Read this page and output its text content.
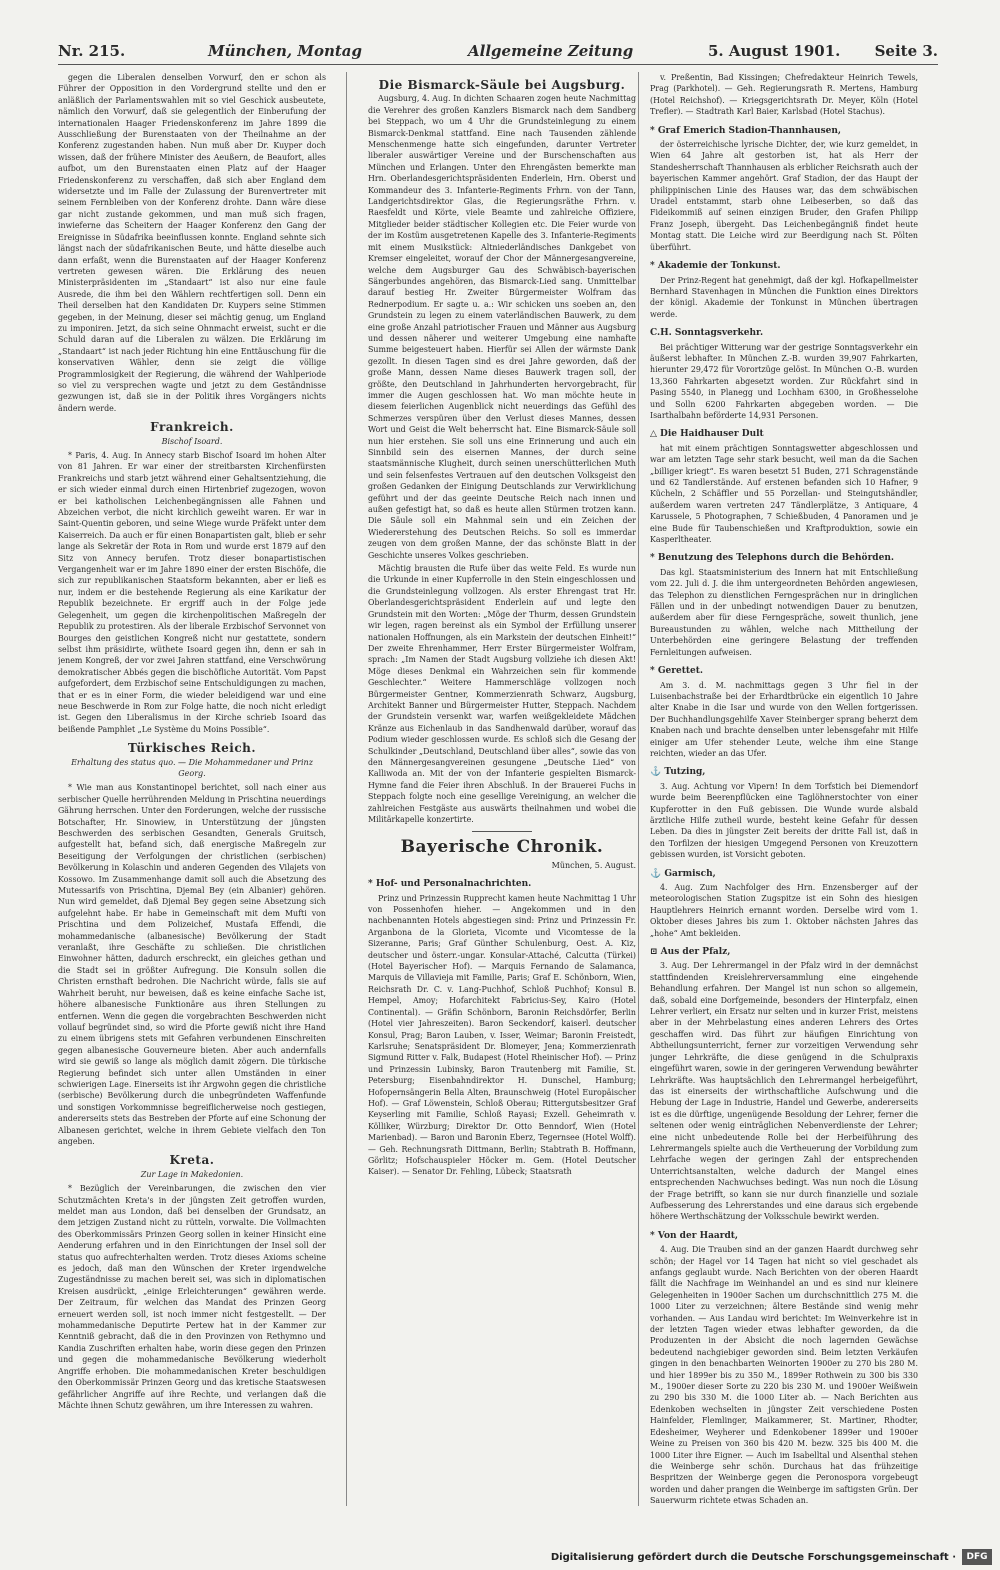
Nr. 215.	München, Montag	Allgemeine Zeitung	5. August 1901. Seite 3.

gegen die Liberalen denselben Vorwurf, den er schon als Führer der Opposition in den Vordergrund stellte und den er anläßlich der Parlamentswahlen mit so viel Geschick ausbeutete, nämlich den Vorwurf, daß sie gelegentlich der Einberufung der internationalen Haager Friedenskonferenz im Jahre 1899 die Ausschließung der Burenstaaten von der Theilnahme an der Konferenz zugestanden haben. Nun muß aber Dr. Kuyper doch wissen, daß der frühere Minister des Aeußern, de Beaufort, alles aufbot, um den Burenstaaten einen Platz auf der Haager Friedenskonferenz zu verschaffen, daß sich aber England dem widersetzte und im Falle der Zulassung der Burenvertreter mit seinem Fernbleiben von der Konferenz drohte. Dann wäre diese gar nicht zustande gekommen, und man muß sich fragen, inwieferne das Scheitern der Haager Konferenz den Gang der Ereignisse in Südafrika beeinflussen konnte. England sehnte sich längst nach der südafrikanischen Beute, und hätte dieselbe auch dann erfaßt, wenn die Burenstaaten auf der Haager Konferenz vertreten gewesen wären. Die Erklärung des neuen Ministerpräsidenten im „Standaart“ ist also nur eine faule Ausrede, die ihm bei den Wählern rechtfertigen soll. Denn ein Theil derselben hat den Kandidaten Dr. Kuypers seine Stimmen gegeben, in der Meinung, dieser sei mächtig genug, um England zu imponiren. Jetzt, da sich seine Ohnmacht erweist, sucht er die Schuld daran auf die Liberalen zu wälzen. Die Erklärung im „Standaart“ ist nach jeder Richtung hin eine Enttäuschung für die konservativen Wähler, denn sie zeigt die völlige Programmlosigkeit der Regierung, die während der Wahlperiode so viel zu versprechen wagte und jetzt zu dem Geständnisse gezwungen ist, daß sie in der Politik ihres Vorgängers nichts ändern werde.

Frankreich.
Bischof Isoard.

* Paris, 4. Aug. In Annecy starb Bischof Isoard im hohen Alter von 81 Jahren. Er war einer der streitbarsten Kirchenfürsten Frankreichs und starb jetzt während einer Gehaltsentziehung, die er sich wieder einmal durch einen Hirtenbrief zugezogen, wovon er bei katholischen Leichenbegängnissen alle Fahnen und Abzeichen verbot, die nicht kirchlich geweiht waren. Er war in Saint-Quentin geboren, und seine Wiege wurde Präfekt unter dem Kaiserreich. Da auch er für einen Bonapartisten galt, blieb er sehr lange als Sekretär der Rota in Rom und wurde erst 1879 auf den Sitz von Annecy berufen. Trotz dieser bonapartistischen Vergangenheit war er im Jahre 1890 einer der ersten Bischöfe, die sich zur republikanischen Staatsform bekannten, aber er ließ es nur, indem er die bestehende Regierung als eine Karikatur der Republik bezeichnete. Er ergriff auch in der Folge jede Gelegenheit, um gegen die kirchenpolitischen Maßregeln der Republik zu protestiren. Als der liberale Erzbischof Servonnet von Bourges den geistlichen Kongreß nicht nur gestattete, sondern selbst ihm präsidirte, wüthete Isoard gegen ihn, denn er sah in jenem Kongreß, der vor zwei Jahren stattfand, eine Verschwörung demokratischer Abbés gegen die bischöfliche Autorität. Vom Papst aufgefordert, dem Erzbischof seine Entschuldigungen zu machen, that er es in einer Form, die wieder beleidigend war und eine neue Beschwerde in Rom zur Folge hatte, die noch nicht erledigt ist. Gegen den Liberalismus in der Kirche schrieb Isoard das beißende Pamphlet „Le Système du Moins Possible“.

Türkisches Reich.
Erhaltung des status quo. — Die Mohammedaner und Prinz Georg.

* Wie man aus Konstantinopel berichtet, soll nach einer aus serbischer Quelle herrührenden Meldung in Prischtina neuerdings Gährung herrschen. Unter den Forderungen, welche der russische Botschafter, Hr. Sinowiew, in Unterstützung der jüngsten Beschwerden des serbischen Gesandten, Generals Gruitsch, aufgestellt hat, befand sich, daß energische Maßregeln zur Beseitigung der Verfolgungen der christlichen (serbischen) Bevölkerung in Kolaschin und anderen Gegenden des Vilajets von Kossowo. Im Zusammenhange damit soll auch die Absetzung des Mutessarifs von Prischtina, Djemal Bey (ein Albanier) gehören. Nun wird gemeldet, daß Djemal Bey gegen seine Absetzung sich aufgelehnt habe. Er habe in Gemeinschaft mit dem Mufti von Prischtina und dem Polizeichef, Mustafa Effendi, die mohammedanische (albanesische) Bevölkerung der Stadt veranlaßt, ihre Geschäfte zu schließen. Die christlichen Einwohner hätten, dadurch erschreckt, ein gleiches gethan und die Stadt sei in größter Aufregung. Die Konsuln sollen die Christen ernsthaft bedrohen. Die Nachricht würde, falls sie auf Wahrheit beruht, nur beweisen, daß es keine einfache Sache ist, höhere albanesische Funktionäre aus ihren Stellungen zu entfernen. Wenn die gegen die vorgebrachten Beschwerden nicht vollauf begründet sind, so wird die Pforte gewiß nicht ihre Hand zu einem übrigens stets mit Gefahren verbundenen Einschreiten gegen albanesische Gouverneure bieten. Aber auch andernfalls wird sie gewiß so lange als möglich damit zögern. Die türkische Regierung befindet sich unter allen Umständen in einer schwierigen Lage. Einerseits ist ihr Argwohn gegen die christliche (serbische) Bevölkerung durch die unbegründeten Waffenfunde und sonstigen Vorkommnisse begreiflicherweise noch gestiegen, andererseits stets das Bestreben der Pforte auf eine Schonung der Albanesen gerichtet, welche in ihrem Gebiete vielfach den Ton angeben.

Kreta.
Zur Lage in Makedonien.

* Bezüglich der Vereinbarungen, die zwischen den vier Schutzmächten Kreta's in der jüngsten Zeit getroffen wurden, meldet man aus London, daß bei denselben der Grundsatz, an dem jetzigen Zustand nicht zu rütteln, vorwalte. Die Vollmachten des Oberkommissärs Prinzen Georg sollen in keiner Hinsicht eine Aenderung erfahren und in den Einrichtungen der Insel soll der status quo aufrechterhalten werden. Trotz dieses Axioms scheine es jedoch, daß man den Wünschen der Kreter irgendwelche Zugeständnisse zu machen bereit sei, was sich in diplomatischen Kreisen ausdrückt, „einige Erleichterungen“ gewähren werde. Der Zeitraum, für welchen das Mandat des Prinzen Georg erneuert werden soll, ist noch immer nicht festgestellt. — Der mohammedanische Deputirte Pertew hat in der Kammer zur Kenntniß gebracht, daß die in den Provinzen von Rethymno und Kandia Zuschriften erhalten habe, worin diese gegen den Prinzen und gegen die mohammedanische Bevölkerung wiederholt Angriffe erhoben. Die mohammedanischen Kreter beschuldigen den Oberkommissär Prinzen Georg und das kretische Staatswesen gefährlicher Angriffe auf ihre Rechte, und verlangen daß die Mächte ihnen Schutz gewähren, um ihre Interessen zu wahren.

Die Bismarck-Säule bei Augsburg.

Augsburg, 4. Aug. In dichten Schaaren zogen heute Nachmittag die Verehrer des großen Kanzlers Bismarck nach dem Sandberg bei Steppach, wo um 4 Uhr die Grundsteinlegung zu einem Bismarck-Denkmal stattfand. Eine nach Tausenden zählende Menschenmenge hatte sich eingefunden, darunter Vertreter liberaler auswärtiger Vereine und der Burschenschaften aus München und Erlangen. Unter den Ehrengästen bemerkte man Hrn. Oberlandesgerichtspräsidenten Enderlein, Hrn. Oberst und Kommandeur des 3. Infanterie-Regiments Frhrn. von der Tann, Landgerichtsdirektor Glas, die Regierungsräthe Frhrn. v. Raesfeldt und Körte, viele Beamte und zahlreiche Offiziere, Mitglieder beider städtischer Kollegien etc. Die Feier wurde von der im Kostüm ausgetretenen Kapelle des 3. Infanterie-Regiments mit einem Musikstück: Altniederländisches Dankgebet von Kremser eingeleitet, worauf der Chor der Männergesangvereine, welche dem Augsburger Gau des Schwäbisch-bayerischen Sängerbundes angehören, das Bismarck-Lied sang. Unmittelbar darauf bestieg Hr. Zweiter Bürgermeister Wolfram das Rednerpodium. Er sagte u. a.: Wir schicken uns soeben an, den Grundstein zu legen zu einem vaterländischen Bauwerk, zu dem eine große Anzahl patriotischer Frauen und Männer aus Augsburg und dessen näherer und weiterer Umgebung eine namhafte Summe beigesteuert haben. Hierfür sei Allen der wärmste Dank gezollt. In diesen Tagen sind es drei Jahre geworden, daß der große Mann, dessen Name dieses Bauwerk tragen soll, der größte, den Deutschland in Jahrhunderten hervorgebracht, für immer die Augen geschlossen hat. Wo man möchte heute in diesem feierlichen Augenblick nicht neuerdings das Gefühl des Schmerzes verspüren über den Verlust dieses Mannes, dessen Wort und Geist die Welt beherrscht hat. Eine Bismarck-Säule soll nun hier erstehen. Sie soll uns eine Erinnerung und auch ein Sinnbild sein des eisernen Mannes, der durch seine staatsmännische Klugheit, durch seinen unerschütterlichen Muth und sein felsenfestes Vertrauen auf den deutschen Volksgeist den großen Gedanken der Einigung Deutschlands zur Verwirklichung geführt und der das geeinte Deutsche Reich nach innen und außen gefestigt hat, so daß es heute allen Stürmen trotzen kann. Die Säule soll ein Mahnmal sein und ein Zeichen der Wiedererstehung des Deutschen Reichs. So soll es immerdar zeugen von dem großen Manne, der das schönste Blatt in der Geschichte unseres Volkes geschrieben.

Mächtig brausten die Rufe über das weite Feld. Es wurde nun die Urkunde in einer Kupferrolle in den Stein eingeschlossen und die Grundsteinlegung vollzogen. Als erster Ehrengast trat Hr. Oberlandesgerichtspräsident Enderlein auf und legte den Grundstein mit den Worten: „Möge der Thurm, dessen Grundstein wir legen, ragen bereinst als ein Symbol der Erfüllung unserer nationalen Hoffnungen, als ein Markstein der deutschen Einheit!“ Der zweite Ehrenhammer, Herr Erster Bürgermeister Wolfram, sprach: „Im Namen der Stadt Augsburg vollziehe ich diesen Akt! Möge dieses Denkmal ein Wahrzeichen sein für kommende Geschlechter.“ Weitere Hammerschläge vollzogen noch Bürgermeister Gentner, Kommerzienrath Schwarz, Augsburg, Architekt Banner und Bürgermeister Hutter, Steppach. Nachdem der Grundstein versenkt war, warfen weißgekleidete Mädchen Kränze aus Eichenlaub in das Sandhenwald darüber, worauf das Podium wieder geschlossen wurde. Es schloß sich die Gesang der Schulkinder „Deutschland, Deutschland über alles“, sowie das von den Männergesangvereinen gesungene „Deutsche Lied“ von Kalliwoda an. Mit der von der Infanterie gespielten Bismarck-Hymne fand die Feier ihren Abschluß. In der Brauerei Fuchs in Steppach folgte noch eine gesellige Vereinigung, an welcher die zahlreichen Festgäste aus auswärts theilnahmen und wobei die Militärkapelle konzertirte.

Bayerische Chronik.
München, 5. August.
* Hof- und Personalnachrichten.

Prinz und Prinzessin Rupprecht kamen heute Nachmittag 1 Uhr von Possenhofen hieher. — Angekommen und in den nachbenannten Hotels abgestiegen sind: Prinz und Prinzessin Fr. Arganbona de la Glorieta, Vicomte und Vicomtesse de la Sizeranne, Paris; Graf Günther Schulenburg, Oest. A. Kiz, deutscher und österr.-ungar. Konsular-Attaché, Calcutta (Türkei) (Hotel Bayerischer Hof). — Marquis Fernando de Salamanca, Marquis de Villavieja mit Familie, Paris; Graf E. Schönborn, Wien, Reichsrath Dr. C. v. Lang-Puchhof, Schloß Puchhof; Konsul B. Hempel, Amoy; Hofarchitekt Fabricius-Sey, Kairo (Hotel Continental). — Gräfin Schönborn, Baronin Reichsdörfer, Berlin (Hotel vier Jahreszeiten). Baron Seckendorf, kaiserl. deutscher Konsul, Prag; Baron Lauben, v. Isser, Weimar; Baronin Freistedt, Karlsruhe; Senatspräsident Dr. Blomeyer, Jena; Kommerzienrath Sigmund Ritter v. Falk, Budapest (Hotel Rheinischer Hof). — Prinz und Prinzessin Lubinsky, Baron Trautenberg mit Familie, St. Petersburg; Eisenbahndirektor H. Dunschel, Hamburg; Hofopernsängerin Bella Alten, Braunschweig (Hotel Europäischer Hof). — Graf Löwenstein, Schloß Oberau; Rittergutsbesitzer Graf Keyserling mit Familie, Schloß Rayasi; Exzell. Geheimrath v. Kölliker, Würzburg; Direktor Dr. Otto Benndorf, Wien (Hotel Marienbad). — Baron und Baronin Eberz, Tegernsee (Hotel Wolff). — Geh. Rechnungsrath Dittmann, Berlin; Stabtrath B. Hoffmann, Görlitz; Hofschauspieler Höcker m. Gem. (Hotel Deutscher Kaiser). — Senator Dr. Fehling, Lübeck; Staatsrath

v. Preßentin, Bad Kissingen; Chefredakteur Heinrich Tewels, Prag (Parkhotel). — Geh. Regierungsrath R. Mertens, Hamburg (Hotel Reichshof). — Kriegsgerichtsrath Dr. Meyer, Köln (Hotel Trefler). — Stadtrath Karl Baier, Karlsbad (Hotel Stachus).

* Graf Emerich Stadion-Thannhausen,

der österreichische lyrische Dichter, der, wie kurz gemeldet, in Wien 64 Jahre alt gestorben ist, hat als Herr der Standesherrschaft Thannhausen als erblicher Reichsrath auch der bayerischen Kammer angehört. Graf Stadion, der das Haupt der philippinischen Linie des Hauses war, das dem schwäbischen Uradel entstammt, starb ohne Leibeserben, so daß das Fideikommiß auf seinen einzigen Bruder, den Grafen Philipp Franz Joseph, übergeht. Das Leichenbegängniß findet heute Montag statt. Die Leiche wird zur Beerdigung nach St. Pölten überführt.

* Akademie der Tonkunst.

Der Prinz-Regent hat genehmigt, daß der kgl. Hofkapellmeister Bernhard Stavenhagen in München die Funktion eines Direktors der königl. Akademie der Tonkunst in München übertragen werde.

C.H. Sonntagsverkehr.

Bei prächtiger Witterung war der gestrige Sonntagsverkehr ein äußerst lebhafter. In München Z.-B. wurden 39,907 Fahrkarten, hierunter 29,472 für Vorortzüge gelöst. In München O.-B. wurden 13,360 Fahrkarten abgesetzt worden. Zur Rückfahrt sind in Pasing 5540, in Planegg und Lochham 6300, in Großhesselohe und Solln 6200 Fahrkarten abgegeben worden. — Die Isarthalbahn beförderte 14,931 Personen.

△ Die Haidhauser Dult

hat mit einem prächtigen Sonntagswetter abgeschlossen und war am letzten Tage sehr stark besucht, weil man da die Sachen „billiger kriegt“. Es waren besetzt 51 Buden, 271 Schragenstände und 62 Tandlerstände. Auf erstenen befanden sich 10 Hafner, 9 Kücheln, 2 Schäffler und 55 Porzellan- und Steingutshändler, außerdem waren vertreten 247 Tändlerplätze, 3 Antiquare, 4 Karussele, 5 Photographen, 7 Schießbuden, 4 Panoramen und je eine Bude für Taubenschießen und Kraftproduktion, sowie ein Kasperltheater.

* Benutzung des Telephons durch die Behörden.

Das kgl. Staatsministerium des Innern hat mit Entschließung vom 22. Juli d. J. die ihm untergeordneten Behörden angewiesen, das Telephon zu dienstlichen Ferngesprächen nur in dringlichen Fällen und in der unbedingt notwendigen Dauer zu benutzen, außerdem aber für diese Ferngespräche, soweit thunlich, jene Bureaustunden zu wählen, welche nach Mittheilung der Unterbehörden eine geringere Belastung der treffenden Fernleitungen aufweisen.

* Gerettet.

Am 3. d. M. nachmittags gegen 3 Uhr fiel in der Luisenbachstraße bei der Erhardtbrücke ein eigentlich 10 Jahre alter Knabe in die Isar und wurde von den Wellen fortgerissen. Der Buchhandlungsgehilfe Xaver Steinberger sprang beherzt dem Knaben nach und brachte denselben unter lebensgefahr mit Hilfe einiger am Ufer stehender Leute, welche ihm eine Stange reichten, wieder an das Ufer.

⚓ Tutzing,

3. Aug. Achtung vor Vipern! In dem Torfstich bei Diemendorf wurde beim Beerenpflücken eine Taglöhnerstochter von einer Kupferotter in den Fuß gebissen. Die Wunde wurde alsbald ärztliche Hilfe zutheil wurde, besteht keine Gefahr für dessen Leben. Da dies in jüngster Zeit bereits der dritte Fall ist, daß in den Torfilzen der hiesigen Umgegend Personen von Kreuzottern gebissen wurden, ist Vorsicht geboten.

⚓ Garmisch,

4. Aug. Zum Nachfolger des Hrn. Enzensberger auf der meteorologischen Station Zugspitze ist ein Sohn des hiesigen Hauptlehrers Heinrich ernannt worden. Derselbe wird vom 1. Oktober dieses Jahres bis zum 1. Oktober nächsten Jahres das „hohe“ Amt bekleiden.

⊡ Aus der Pfalz,

3. Aug. Der Lehrermangel in der Pfalz wird in der demnächst stattfindenden Kreislehrerversammlung eine eingehende Behandlung erfahren. Der Mangel ist nun schon so allgemein, daß, sobald eine Dorfgemeinde, besonders der Hinterpfalz, einen Lehrer verliert, ein Ersatz nur selten und in kurzer Frist, meistens aber in der Mehrbelastung eines anderen Lehrers des Ortes geschaffen wird. Das führt zur häufigen Einrichtung von Abtheilungsunterricht, ferner zur vorzeitigen Verwendung sehr junger Lehrkräfte, die diese genügend in die Schulpraxis eingeführt waren, sowie in der geringeren Verwendung bewährter Lehrkräfte. Was hauptsächlich den Lehrermangel herbeigeführt, das ist einerseits der wirthschaftliche Aufschwung und die Hebung der Lage in Industrie, Handel und Gewerbe, andererseits ist es die dürftige, ungenügende Besoldung der Lehrer, ferner die seltenen oder wenig einträglichen Nebenverdienste der Lehrer; eine nicht unbedeutende Rolle bei der Herbeiführung des Lehrermangels spielte auch die Vertheuerung der Vorbildung zum Lehrfache wegen der geringen Zahl der entsprechenden Unterrichtsanstalten, welche dadurch der Mangel eines entsprechenden Nachwuchses bedingt. Was nun noch die Lösung der Frage betrifft, so kann sie nur durch finanzielle und soziale Aufbesserung des Lehrerstandes und eine daraus sich ergebende höhere Werthschätzung der Volksschule bewirkt werden.

* Von der Haardt,

4. Aug. Die Trauben sind an der ganzen Haardt durchweg sehr schön; der Hagel vor 14 Tagen hat nicht so viel geschadet als anfangs geglaubt wurde. Nach Berichten von der oberen Haardt fällt die Nachfrage im Weinhandel an und es sind nur kleinere Gelegenheiten in 1900er Sachen um durchschnittlich 275 M. die 1000 Liter zu verzeichnen; ältere Bestände sind wenig mehr vorhanden. — Aus Landau wird berichtet: Im Weinverkehre ist in der letzten Tagen wieder etwas lebhafter geworden, da die Produzenten in der Absicht die noch lagernden Gewächse bedeutend nachgiebiger geworden sind. Beim letzten Verkäufen gingen in den benachbarten Weinorten 1900er zu 270 bis 280 M. und hier 1899er bis zu 350 M., 1899er Rothwein zu 300 bis 330 M., 1900er dieser Sorte zu 220 bis 230 M. und 1900er Weißwein zu 290 bis 330 M. die 1000 Liter ab. — Nach Berichten aus Edenkoben wechselten in jüngster Zeit verschiedene Posten Hainfelder, Flemlinger, Maikammerer, St. Martiner, Rhodter, Edesheimer, Weyherer und Edenkobener 1899er und 1900er Weine zu Preisen von 360 bis 420 M. bezw. 325 bis 400 M. die 1000 Liter ihre Eigner. — Auch im Isabelltal und Alsenthal stehen die Weinberge sehr schön. Durchaus hat das frühzeitige Bespritzen der Weinberge gegen die Peronospora vorgebeugt worden und daher prangen die Weinberge im saftigsten Grün. Der Sauerwurm richtete etwas Schaden an.

Digitalisierung gefördert durch die Deutsche Forschungsgemeinschaft ·	DFG
